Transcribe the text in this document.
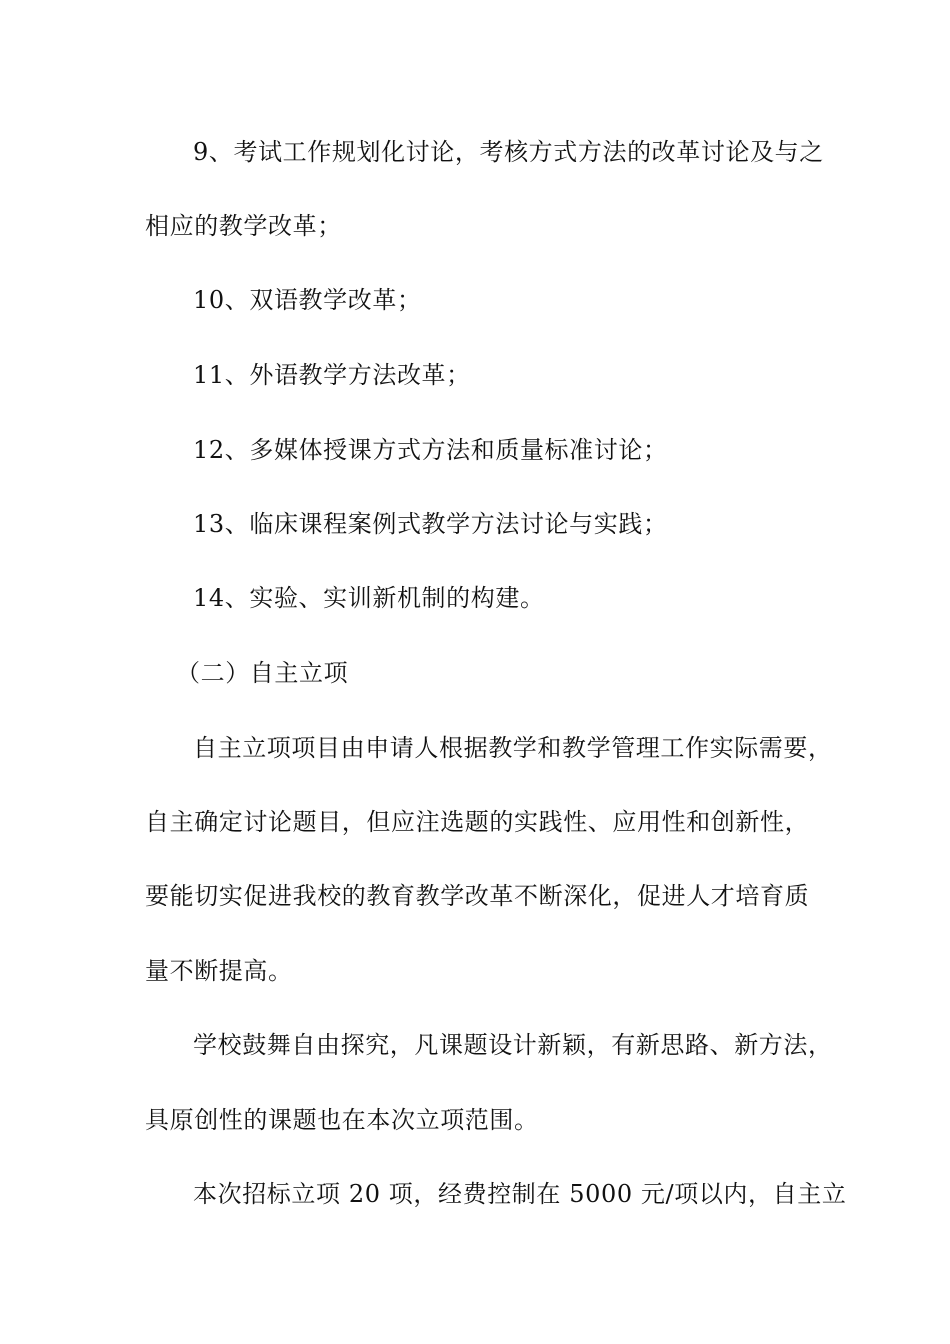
9、考试工作规划化讨论，考核方式方法的改革讨论及与之
相应的教学改革；
10、双语教学改革；
11、外语教学方法改革；
12、多媒体授课方式方法和质量标准讨论；
13、临床课程案例式教学方法讨论与实践；
14、实验、实训新机制的构建。
（二）自主立项
自主立项项目由申请人根据教学和教学管理工作实际需要，
自主确定讨论题目，但应注选题的实践性、应用性和创新性，
要能切实促进我校的教育教学改革不断深化，促进人才培育质
量不断提高。
学校鼓舞自由探究，凡课题设计新颖，有新思路、新方法，
具原创性的课题也在本次立项范围。
本次招标立项 20 项，经费控制在 5000 元/项以内，自主立
